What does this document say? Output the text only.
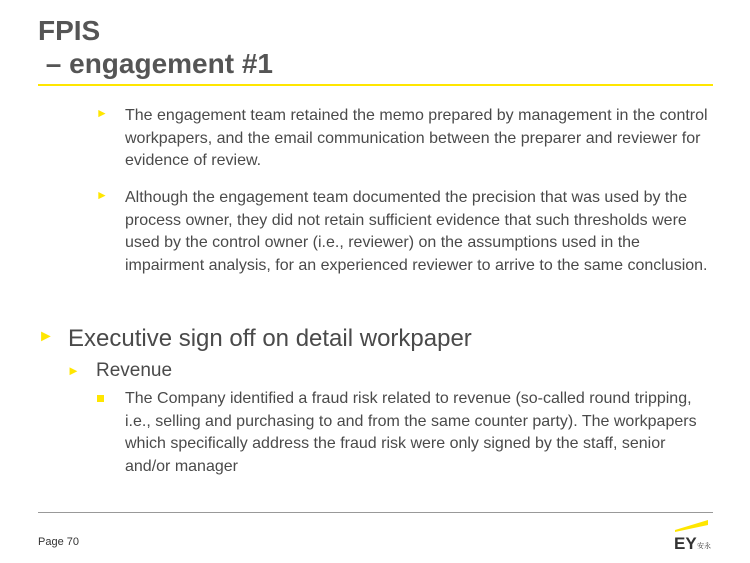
FPIS
– engagement #1
► The engagement team retained the memo prepared by management in the control workpapers, and the email communication between the preparer and reviewer for evidence of review.
► Although the engagement team documented the precision that was used by the process owner, they did not retain sufficient evidence that such thresholds were used by the control owner (i.e., reviewer) on the assumptions used in the impairment analysis, for an experienced reviewer to arrive to the same conclusion.
► Executive sign off on detail workpaper
► Revenue
The Company identified a fraud risk related to revenue (so-called round tripping, i.e., selling and purchasing to and from the same counter party). The workpapers which specifically address the fraud risk were only signed by the staff, senior and/or manager
Page 70	EY 安永
